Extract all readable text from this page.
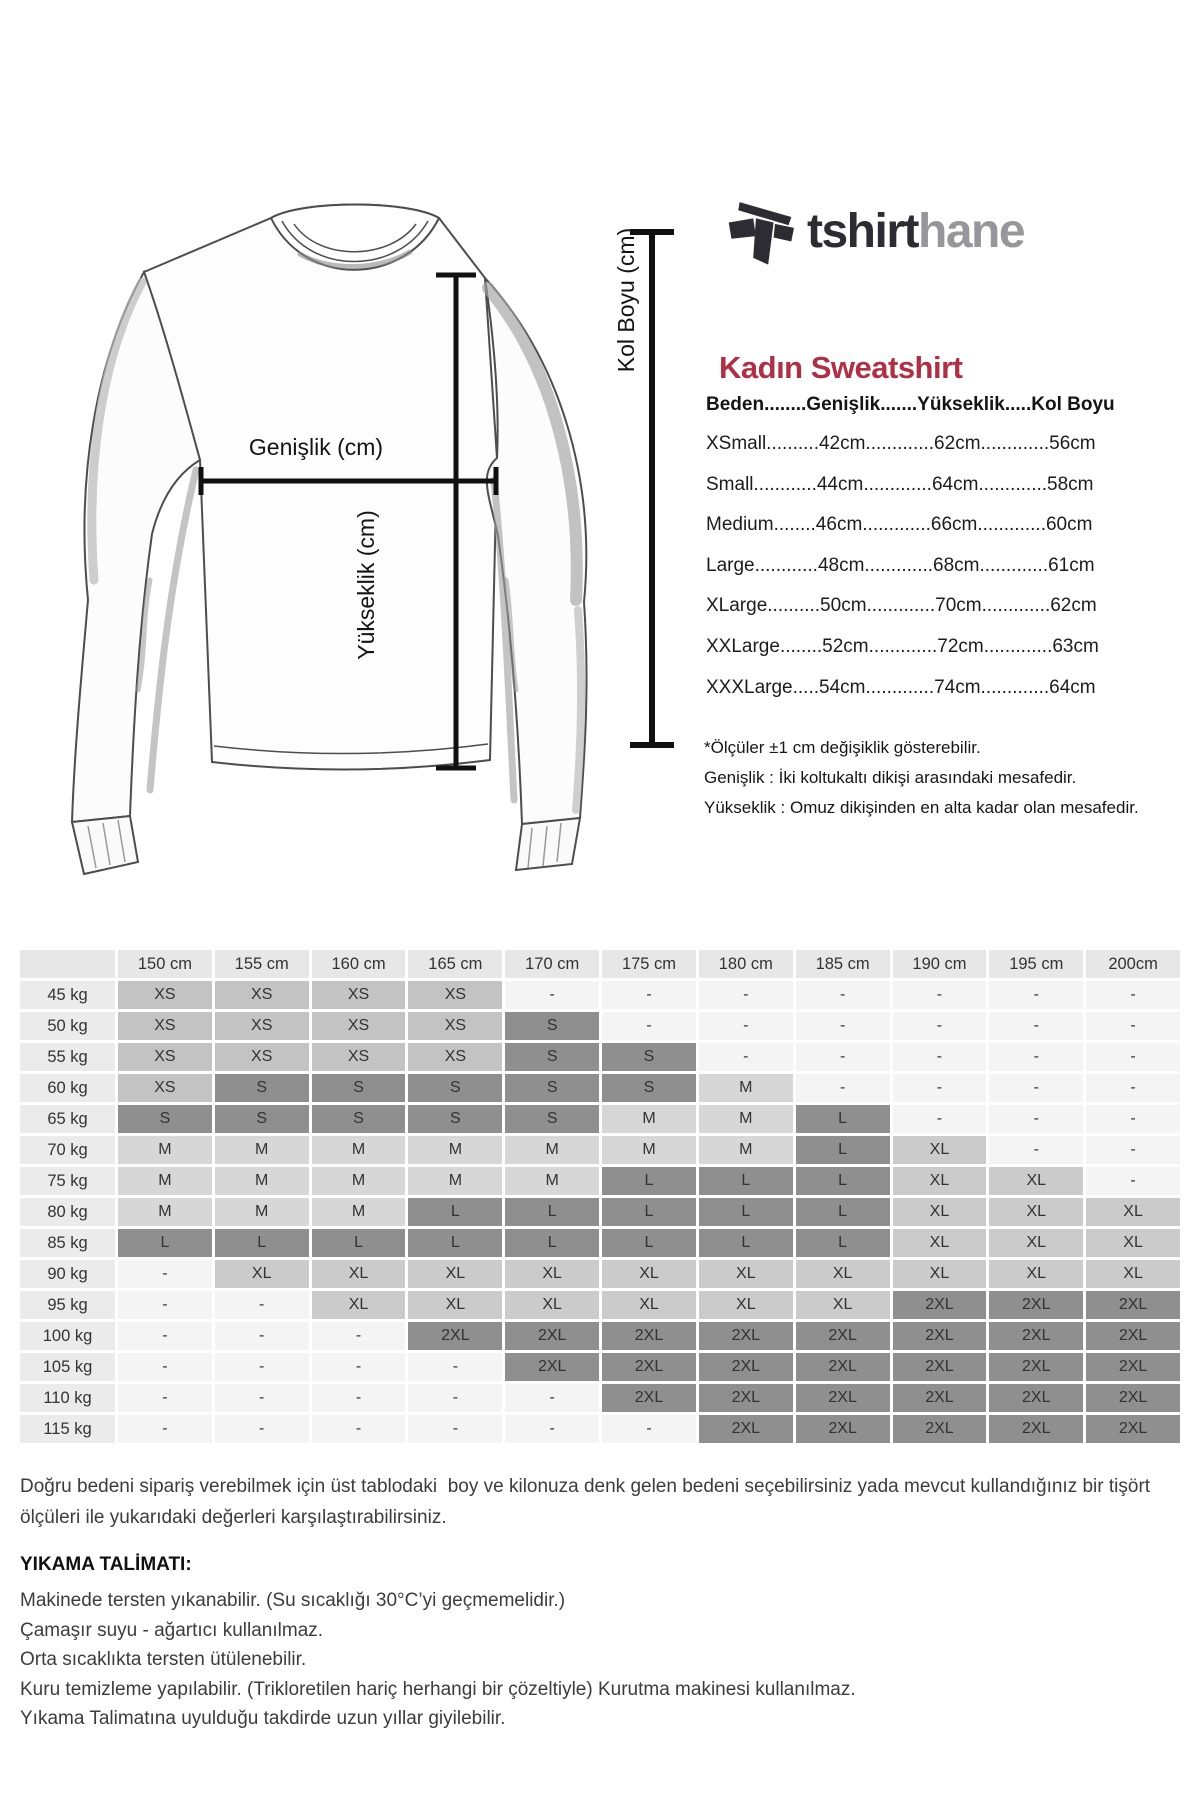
Genişlik (cm)
Yükseklik (cm)
Kol Boyu (cm)	tshirthane
Kadın Sweatshirt
Beden........Genişlik.......Yükseklik.....Kol Boyu
XSmall..........42cm.............62cm.............56cm
Small............44cm.............64cm.............58cm
Medium........46cm.............66cm.............60cm
Large............48cm.............68cm.............61cm
XLarge..........50cm.............70cm.............62cm
XXLarge........52cm.............72cm.............63cm
XXXLarge.....54cm.............74cm.............64cm
*Ölçüler ±1 cm değişiklik gösterebilir.
Genişlik : İki koltukaltı dikişi arasındaki mesafedir.
Yükseklik : Omuz dikişinden en alta kadar olan mesafedir.
150 cm	155 cm	160 cm	165 cm	170 cm	175 cm	180 cm	185 cm	190 cm	195 cm	200cm
45 kg	XS	XS	XS	XS	-	-	-	-	-	-	-
50 kg	XS	XS	XS	XS	S	-	-	-	-	-	-
55 kg	XS	XS	XS	XS	S	S	-	-	-	-	-
60 kg	XS	S	S	S	S	S	M	-	-	-	-
65 kg	S	S	S	S	S	M	M	L	-	-	-
70 kg	M	M	M	M	M	M	M	L	XL	-	-
75 kg	M	M	M	M	M	L	L	L	XL	XL	-
80 kg	M	M	M	L	L	L	L	L	XL	XL	XL
85 kg	L	L	L	L	L	L	L	L	XL	XL	XL
90 kg	-	XL	XL	XL	XL	XL	XL	XL	XL	XL	XL
95 kg	-	-	XL	XL	XL	XL	XL	XL	2XL	2XL	2XL
100 kg	-	-	-	2XL	2XL	2XL	2XL	2XL	2XL	2XL	2XL
105 kg	-	-	-	-	2XL	2XL	2XL	2XL	2XL	2XL	2XL
110 kg	-	-	-	-	-	2XL	2XL	2XL	2XL	2XL	2XL
115 kg	-	-	-	-	-	-	2XL	2XL	2XL	2XL	2XL

Doğru bedeni sipariş verebilmek için üst tablodaki  boy ve kilonuza denk gelen bedeni seçebilirsiniz yada mevcut kullandığınız bir tişört ölçüleri ile yukarıdaki değerleri karşılaştırabilirsiniz.

YIKAMA TALİMATI:
Makinede tersten yıkanabilir. (Su sıcaklığı 30°C’yi geçmemelidir.)
Çamaşır suyu - ağartıcı kullanılmaz.
Orta sıcaklıkta tersten ütülenebilir.
Kuru temizleme yapılabilir. (Trikloretilen hariç herhangi bir çözeltiyle) Kurutma makinesi kullanılmaz.
Yıkama Talimatına uyulduğu takdirde uzun yıllar giyilebilir.
